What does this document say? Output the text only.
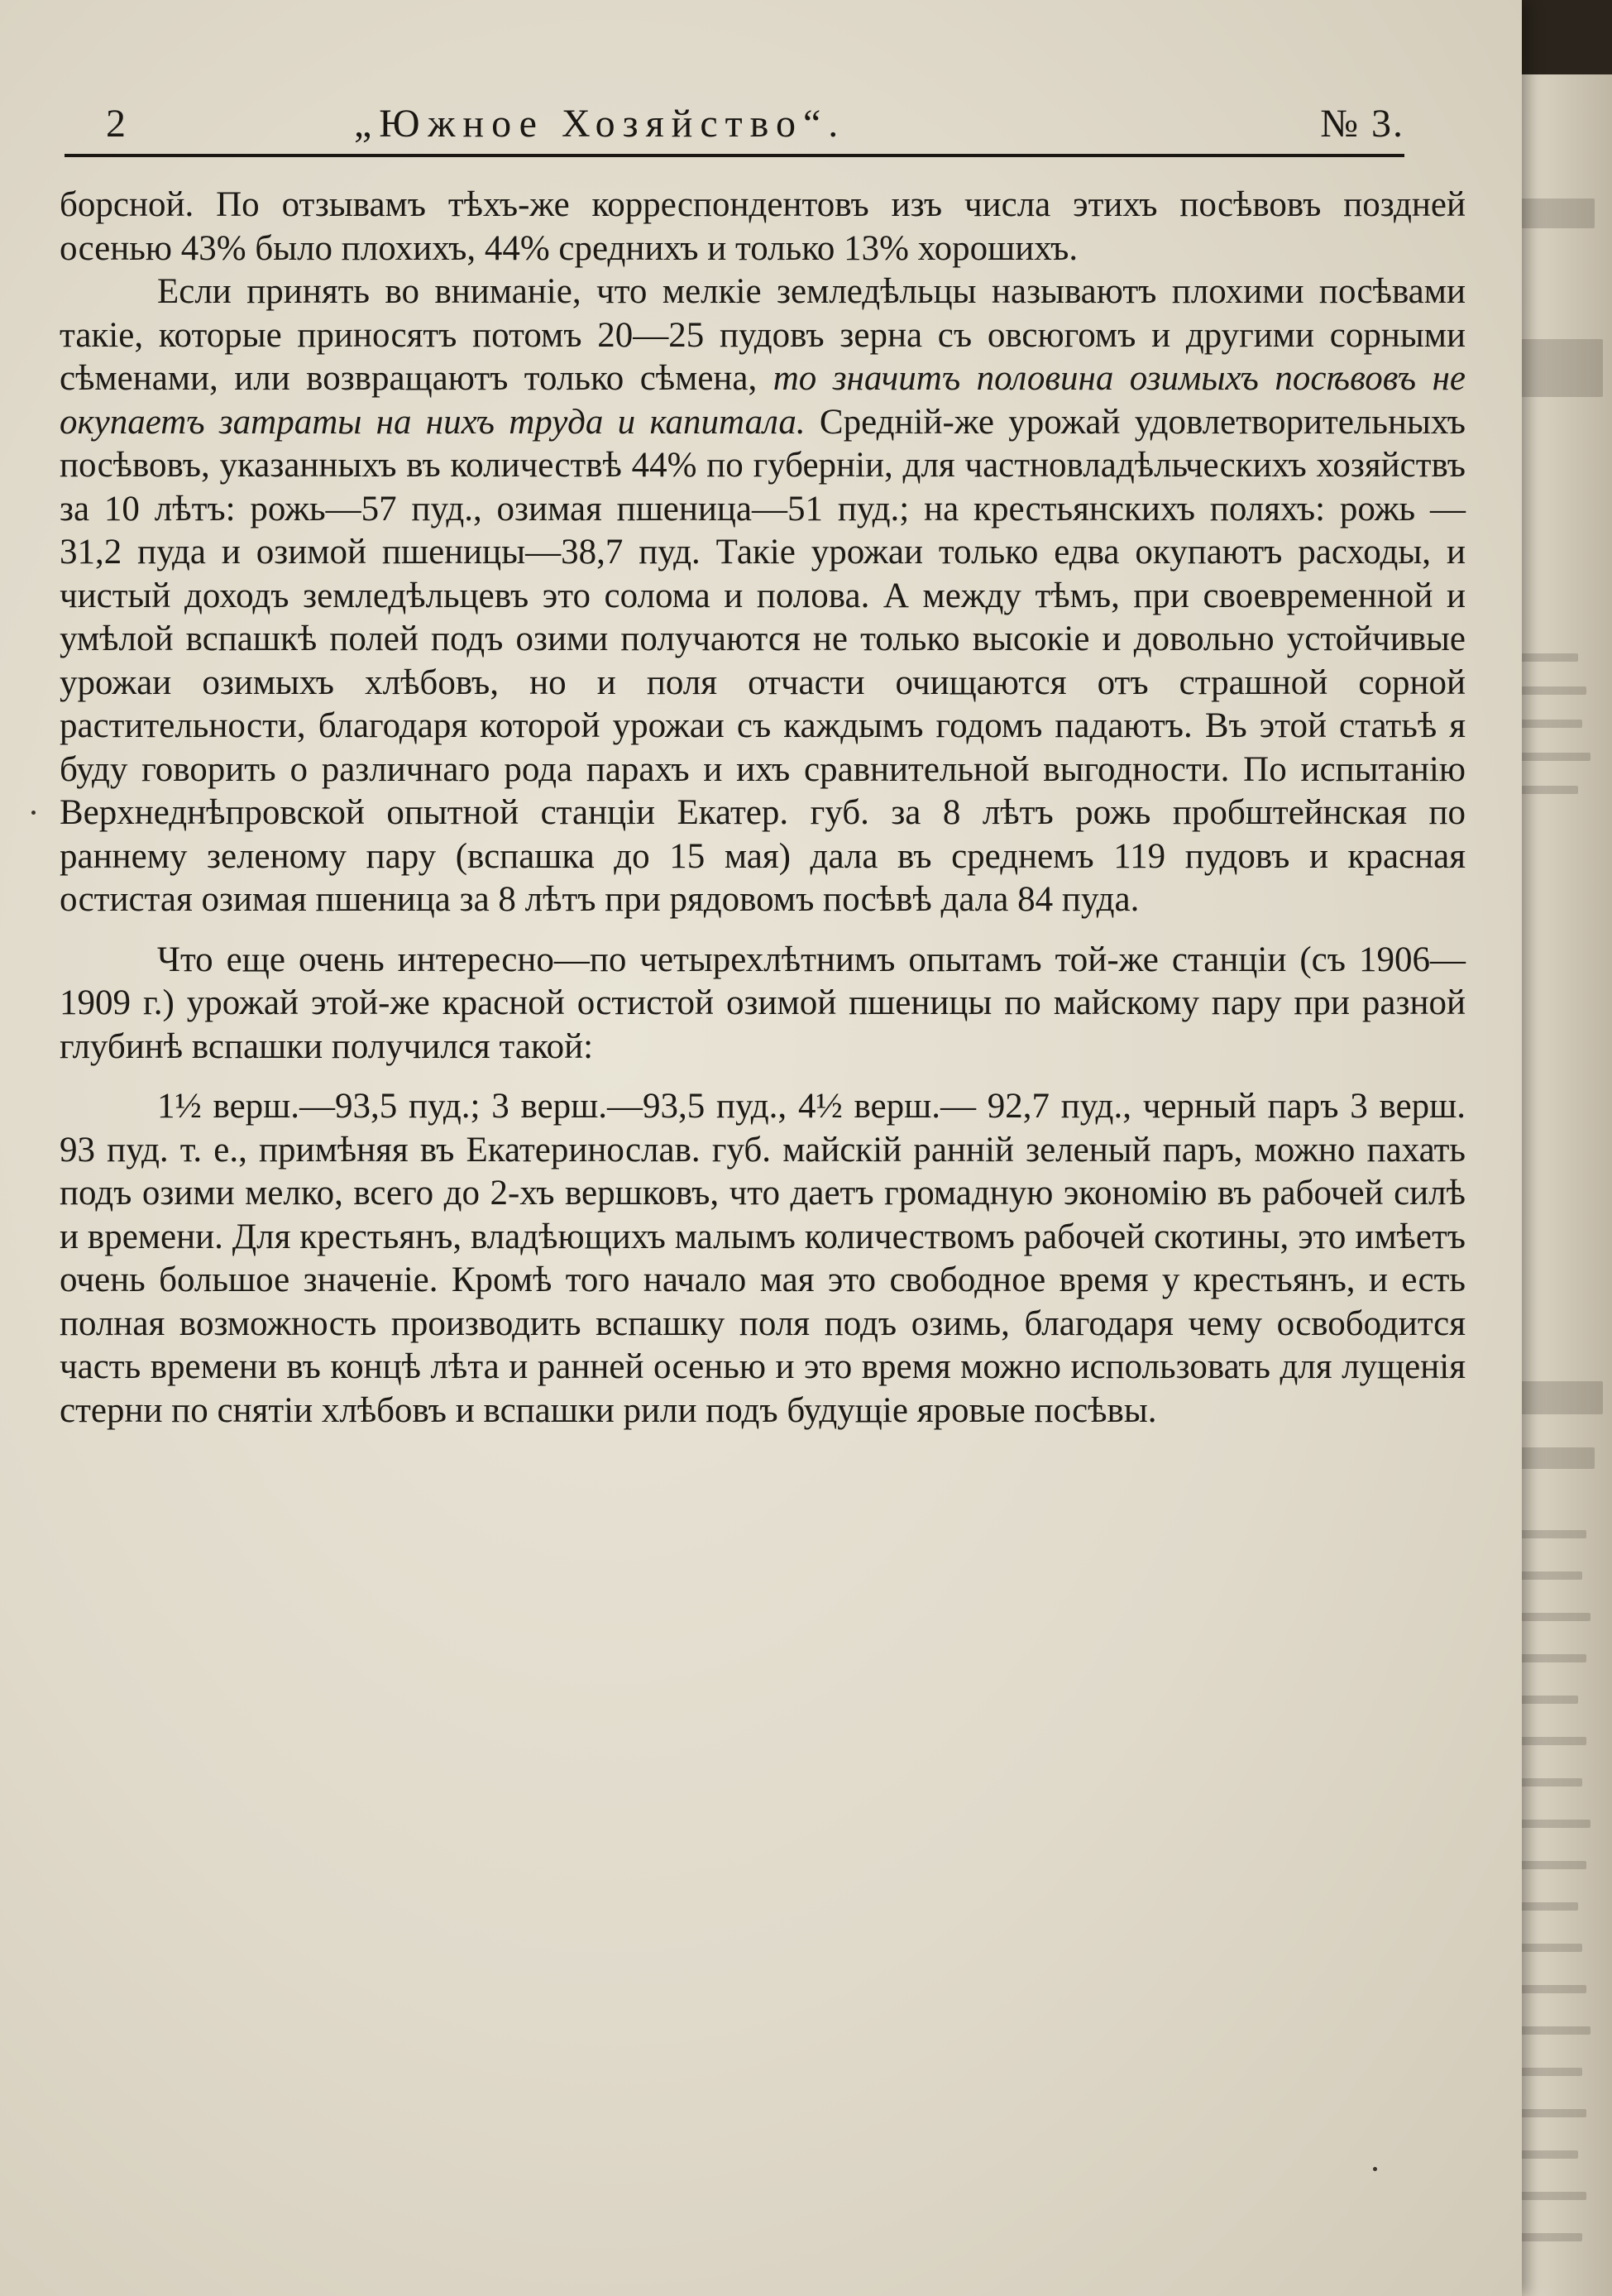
2	„Южное Хозяйство“.	№ 3.

борсной. По отзывамъ тѣхъ-же корреспондентовъ изъ числа этихъ посѣвовъ поздней осенью 43% было плохихъ, 44% среднихъ и только 13% хорошихъ.

Если принять во вниманіе, что мелкіе земледѣльцы называютъ плохими посѣвами такіе, которые приносятъ потомъ 20—25 пудовъ зерна съ овсюгомъ и другими сорными сѣменами, или возвращаютъ только сѣмена, то значитъ половина озимыхъ посѣвовъ не окупаетъ затраты на нихъ труда и капитала. Среднiй-же урожай удовлетворительныхъ посѣвовъ, указанныхъ въ количествѣ 44% по губерніи, для частновладѣльческихъ хозяйствъ за 10 лѣтъ: рожь—57 пуд., озимая пшеница—51 пуд.; на крестьянскихъ поляхъ: рожь — 31,2 пуда и озимой пшеницы—38,7 пуд. Такіе урожаи только едва окупаютъ расходы, и чистый доходъ земледѣльцевъ это солома и полова. А между тѣмъ, при своевременной и умѣлой вспашкѣ полей подъ озими получаются не только высокіе и довольно устойчивые урожаи озимыхъ хлѣбовъ, но и поля отчасти очищаются отъ страшной сорной растительности, благодаря которой урожаи съ каждымъ годомъ падаютъ. Въ этой статьѣ я буду говорить о различнаго рода парахъ и ихъ сравнительной выгодности. По испытанію Верхнеднѣпровской опытной станціи Екатер. губ. за 8 лѣтъ рожь пробштейнская по раннему зеленому пару (вспашка до 15 мая) дала въ среднемъ 119 пудовъ и красная остистая озимая пшеница за 8 лѣтъ при рядовомъ посѣвѣ дала 84 пуда.

Что еще очень интересно—по четырехлѣтнимъ опытамъ той-же станціи (съ 1906—1909 г.) урожай этой-же красной остистой озимой пшеницы по майскому пару при разной глубинѣ вспашки получился такой:

1½ верш.—93,5 пуд.; 3 верш.—93,5 пуд., 4½ верш.— 92,7 пуд., черный паръ 3 верш. 93 пуд. т. е., примѣняя въ Екатеринослав. губ. майскій ранній зеленый паръ, можно пахать подъ озими мелко, всего до 2-хъ вершковъ, что даетъ громадную экономію въ рабочей силѣ и времени. Для крестьянъ, владѣющихъ малымъ количествомъ рабочей скотины, это имѣетъ очень большое значеніе. Кромѣ того начало мая это свободное время у крестьянъ, и есть полная возможность производить вспашку поля подъ озимь, благодаря чему освободится часть времени въ концѣ лѣта и ранней осенью и это время можно использовать для лущенія стерни по снятіи хлѣбовъ и вспашки рили подъ будущіе яровые посѣвы.
